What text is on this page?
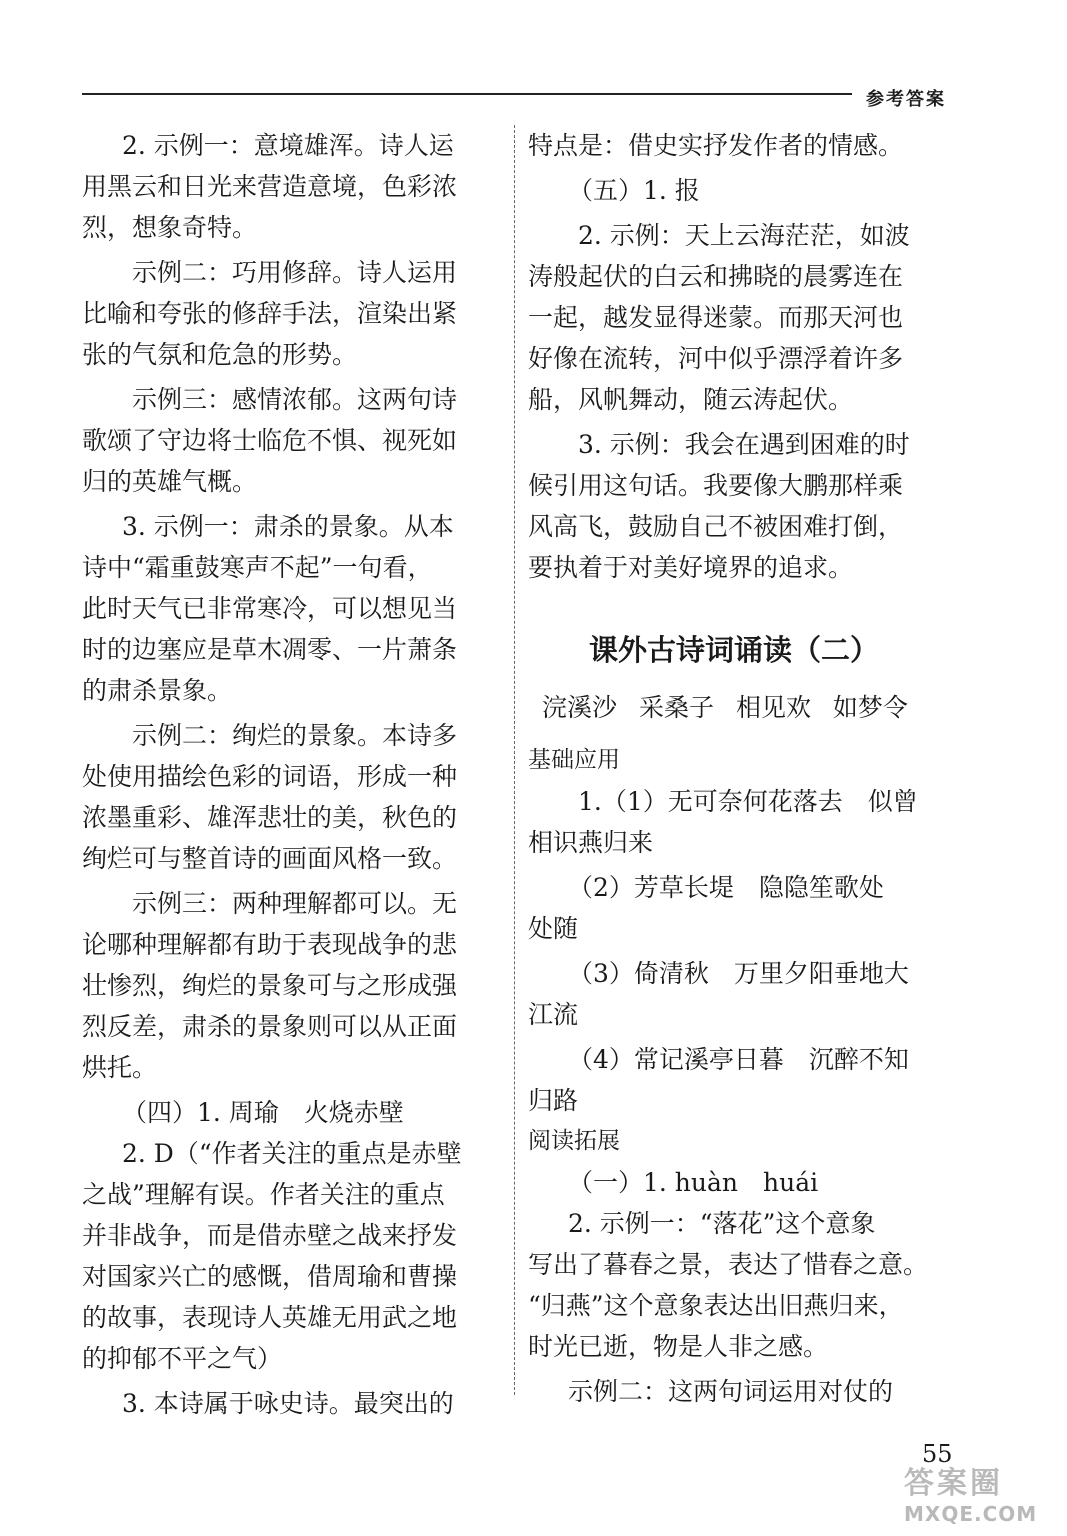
参考答案
2. 示例一：意境雄浑。诗人运
用黑云和日光来营造意境，色彩浓
烈，想象奇特。
示例二：巧用修辞。诗人运用
比喻和夸张的修辞手法，渲染出紧
张的气氛和危急的形势。
示例三：感情浓郁。这两句诗
歌颂了守边将士临危不惧、视死如
归的英雄气概。
3. 示例一：肃杀的景象。从本
诗中“霜重鼓寒声不起”一句看，
此时天气已非常寒冷，可以想见当
时的边塞应是草木凋零、一片萧条
的肃杀景象。
示例二：绚烂的景象。本诗多
处使用描绘色彩的词语，形成一种
浓墨重彩、雄浑悲壮的美，秋色的
绚烂可与整首诗的画面风格一致。
示例三：两种理解都可以。无
论哪种理解都有助于表现战争的悲
壮惨烈，绚烂的景象可与之形成强
烈反差，肃杀的景象则可以从正面
烘托。
（四）1. 周瑜　火烧赤壁
2. D（“作者关注的重点是赤壁
之战”理解有误。作者关注的重点
并非战争，而是借赤壁之战来抒发
对国家兴亡的感慨，借周瑜和曹操
的故事，表现诗人英雄无用武之地
的抑郁不平之气）
3. 本诗属于咏史诗。最突出的
特点是：借史实抒发作者的情感。
（五）1. 报
2. 示例：天上云海茫茫，如波
涛般起伏的白云和拂晓的晨雾连在
一起，越发显得迷蒙。而那天河也
好像在流转，河中似乎漂浮着许多
船，风帆舞动，随云涛起伏。
3. 示例：我会在遇到困难的时
候引用这句话。我要像大鹏那样乘
风高飞，鼓励自己不被困难打倒，
要执着于对美好境界的追求。
课外古诗词诵读（二）
浣溪沙 采桑子 相见欢 如梦令
基础应用
1.（1）无可奈何花落去　似曾
相识燕归来
（2）芳草长堤　隐隐笙歌处
处随
（3）倚清秋　万里夕阳垂地大
江流
（4）常记溪亭日暮　沉醉不知
归路
阅读拓展
（一）1. huàn　huái
2. 示例一：“落花”这个意象
写出了暮春之景，表达了惜春之意。
“归燕”这个意象表达出旧燕归来，
时光已逝，物是人非之感。
示例二：这两句词运用对仗的
55
答案圈
MXQE.COM
